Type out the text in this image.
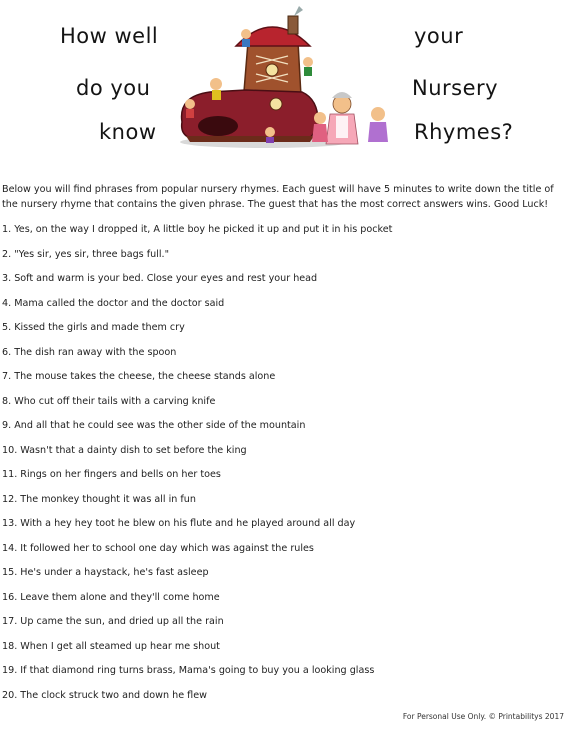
How well
do you
know
your
Nursery
Rhymes?
Below you will find phrases from popular nursery rhymes. Each guest will have 5 minutes to write down the title of the nursery rhyme that contains the given phrase. The guest that has the most correct answers wins. Good Luck!
1. Yes, on the way I dropped it, A little boy he picked it up and put it in his pocket
2. "Yes sir, yes sir, three bags full."
3. Soft and warm is your bed. Close your eyes and rest your head
4. Mama called the doctor and the doctor said
5. Kissed the girls and made them cry
6. The dish ran away with the spoon
7. The mouse takes the cheese, the cheese stands alone
8. Who cut off their tails with a carving knife
9. And all that he could see was the other side of the mountain
10. Wasn't that a dainty dish to set before the king
11. Rings on her fingers and bells on her toes
12. The monkey thought it was all in fun
13. With a hey hey toot he blew on his flute and he played around all day
14. It followed her to school one day which was against the rules
15. He's under a haystack, he's fast asleep
16. Leave them alone and they'll come home
17. Up came the sun, and dried up all the rain
18. When I get all steamed up hear me shout
19. If that diamond ring turns brass, Mama's going to buy you a looking glass
20. The clock struck two and down he flew
For Personal Use Only. © Printabilitys 2017
